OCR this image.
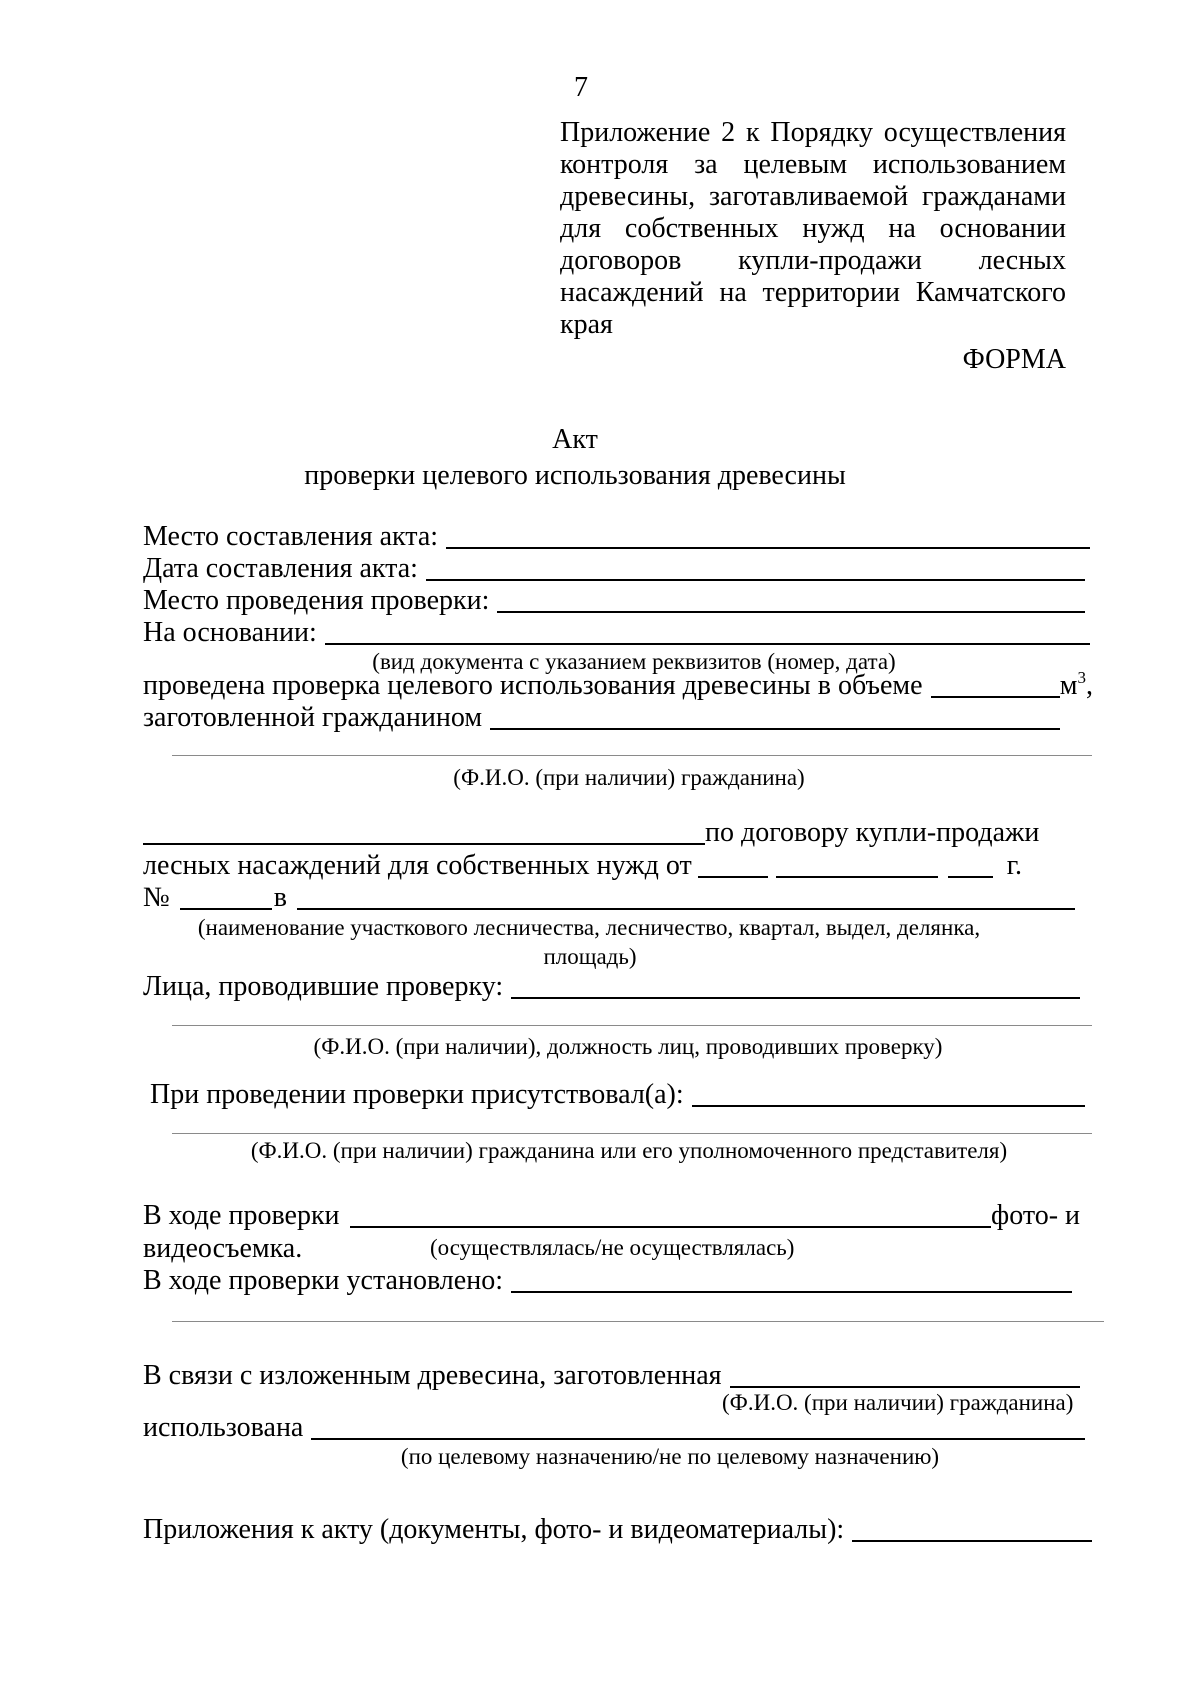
7
Приложение 2 к Порядку осуществления
контроля за целевым использованием
древесины, заготавливаемой гражданами
для собственных нужд на основании
договоров купли-продажи лесных
насаждений на территории Камчатского
края
ФОРМА
Акт
проверки целевого использования древесины
Место составления акта:
Дата составления акта:
Место проведения проверки:
На основании:
(вид документа с указанием реквизитов (номер, дата)
проведена проверка целевого использования древесины в объеме	$м^3$,
заготовленной гражданином
(Ф.И.О. (при наличии) гражданина)
по договору купли-продажи
лесных насаждений для собственных нужд от	г.
№	в
(наименование участкового лесничества, лесничество, квартал, выдел, делянка,
площадь)
Лица, проводившие проверку:
(Ф.И.О. (при наличии), должность лиц, проводивших проверку)
При проведении проверки присутствовал(а):
(Ф.И.О. (при наличии) гражданина или его уполномоченного представителя)
В ходе проверки	фото- и
видеосъемка.	(осуществлялась/не осуществлялась)
В ходе проверки установлено:
В связи с изложенным древесина, заготовленная
(Ф.И.О. (при наличии) гражданина)
использована
(по целевому назначению/не по целевому назначению)
Приложения к акту (документы, фото- и видеоматериалы):
